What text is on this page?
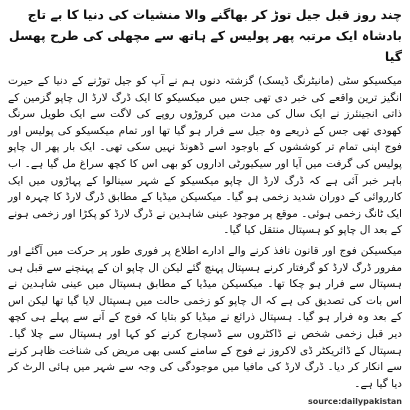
چند روز قبل جیل توڑ کر بھاگنے والا منشیات کی دنیا کا بے تاج بادشاہ ایک مرتبہ پھر پولیس کے ہاتھ سے مچھلی کی طرح پھسل گیا

میکسیکو سٹی (مانیٹرنگ ڈیسک) گزشتہ دنوں ہم نے آپ کو جیل توڑنے کے دنیا کے حیرت انگیز ترین واقعے کی خبر دی تھی جس میں میکسیکو کا ایک ڈرگ لارڈ ال چاپو گزمین کے ذاتی انجینئرز نے ایک سال کی مدت میں کروڑوں روپے کی لاگت سے ایک طویل سرنگ کھودی تھی جس کے ذریعے وہ جیل سے فرار ہو گیا تھا اور تمام میکسیکو کی پولیس اور فوج اپنی تمام تر کوششوں کے باوجود اسے ڈھونڈ نہیں سکی تھی۔ ایک بار پھر ال چاپو پولیس کی گرفت میں آیا اور سیکیورٹی اداروں کو بھی اس کا کچھ سراغ مل گیا ہے۔ اب باہر خبر آئی ہے کہ ڈرگ لارڈ ال چاپو میکسیکو کے شہر سینالوا کے پہاڑوں میں ایک کارروائی کے دوران شدید زخمی ہو گیا۔ میکسیکن میڈیا کے مطابق ڈرگ لارڈ کا چہرہ اور ایک ٹانگ زخمی ہوئی۔ موقع پر موجود عینی شاہدین نے ڈرگ لارڈ کو پکڑا اور زخمی ہونے کے بعد ال چاپو کو ہسپتال منتقل کیا گیا۔

میکسیکن فوج اور قانون نافذ کرنے والے ادارے اطلاع پر فوری طور پر حرکت میں آگئے اور مفرور ڈرگ لارڈ کو گرفتار کرنے ہسپتال پہنچ گئے لیکن ال چاپو ان کے پہنچنے سے قبل ہی ہسپتال سے فرار ہو چکا تھا۔ میکسیکن میڈیا کے مطابق ہسپتال میں عینی شاہدین نے اس بات کی تصدیق کی ہے کہ ال چاپو کو زخمی حالت میں ہسپتال لایا گیا تھا لیکن اس کے بعد وہ فرار ہو گیا۔ ہسپتال ذرائع نے میڈیا کو بتایا کہ فوج کے آنے سے پہلے ہی کچھ دیر قبل زخمی شخص نے ڈاکٹروں سے ڈسچارج کرنے کو کہا اور ہسپتال سے چلا گیا۔ ہسپتال کے ڈائریکٹر ڈی لاکروز نے فوج کے سامنے کسی بھی مریض کی شناخت ظاہر کرنے سے انکار کر دیا۔ ڈرگ لارڈ کی مافیا میں موجودگی کی وجہ سے شہر میں ہائی الرٹ کر دیا گیا ہے۔

source:dailypakistan
